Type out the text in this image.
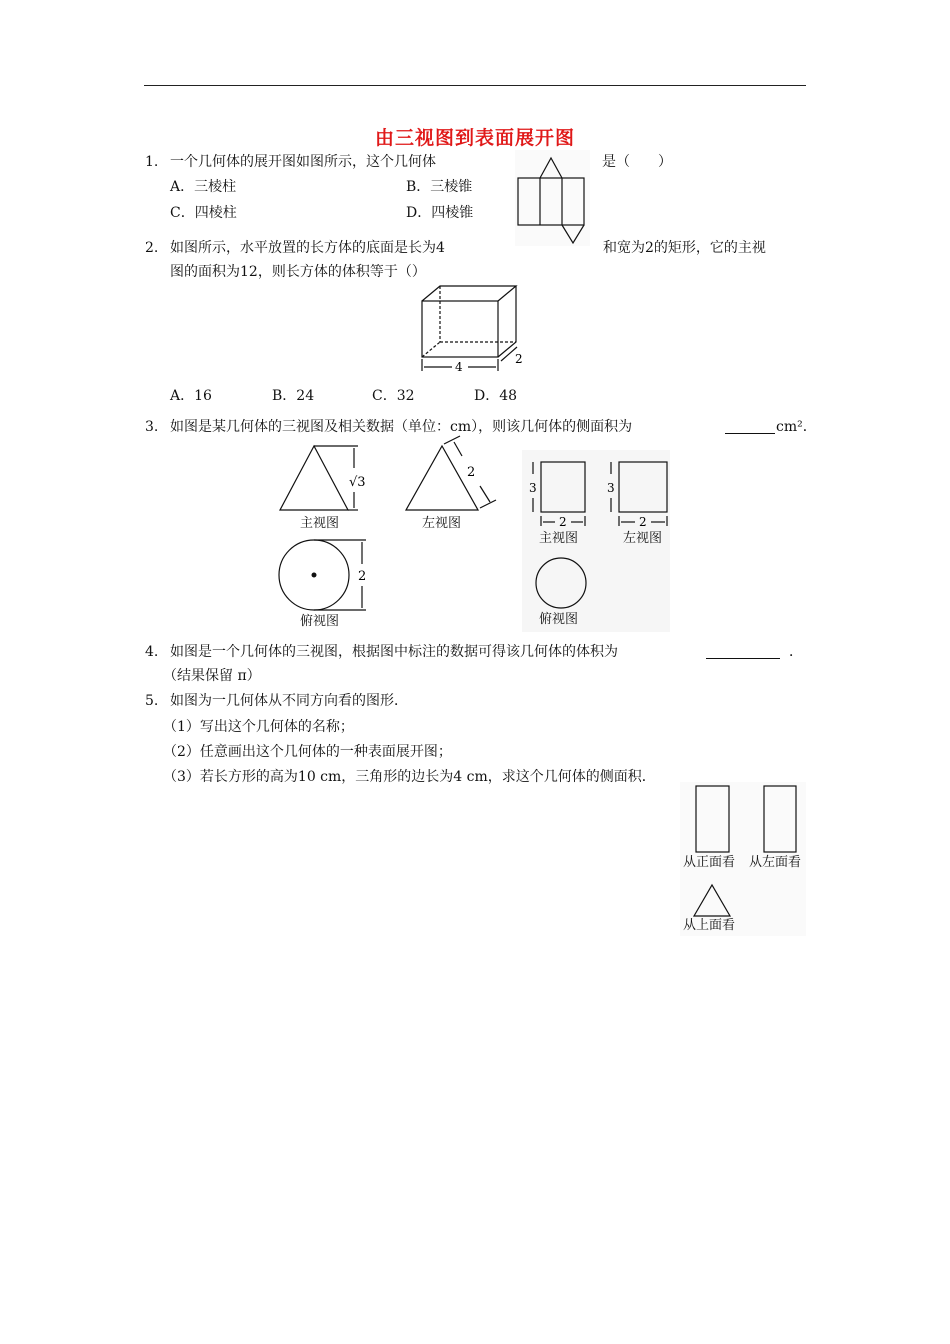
由三视图到表面展开图
1. 一个几何体的展开图如图所示，这个几何体	是（　　）
A．三棱柱	B．三棱锥
C．四棱柱	D．四棱锥
2. 如图所示，水平放置的长方体的底面是长为4	和宽为2的矩形，它的主视
图的面积为12，则长方体的体积等于（）
4
2
A．16	B．24	C．32	D．48
3. 如图是某几何体的三视图及相关数据（单位：cm），则该几何体的侧面积为	cm²．
√3
主视图
2
左视图
2
俯视图
3
2
主视图
3
2
左视图
俯视图
4. 如图是一个几何体的三视图，根据图中标注的数据可得该几何体的体积为	．
（结果保留 π）
5. 如图为一几何体从不同方向看的图形．
（1）写出这个几何体的名称；
（2）任意画出这个几何体的一种表面展开图；
（3）若长方形的高为10 cm，三角形的边长为4 cm，求这个几何体的侧面积．
从正面看 从左面看
从上面看
